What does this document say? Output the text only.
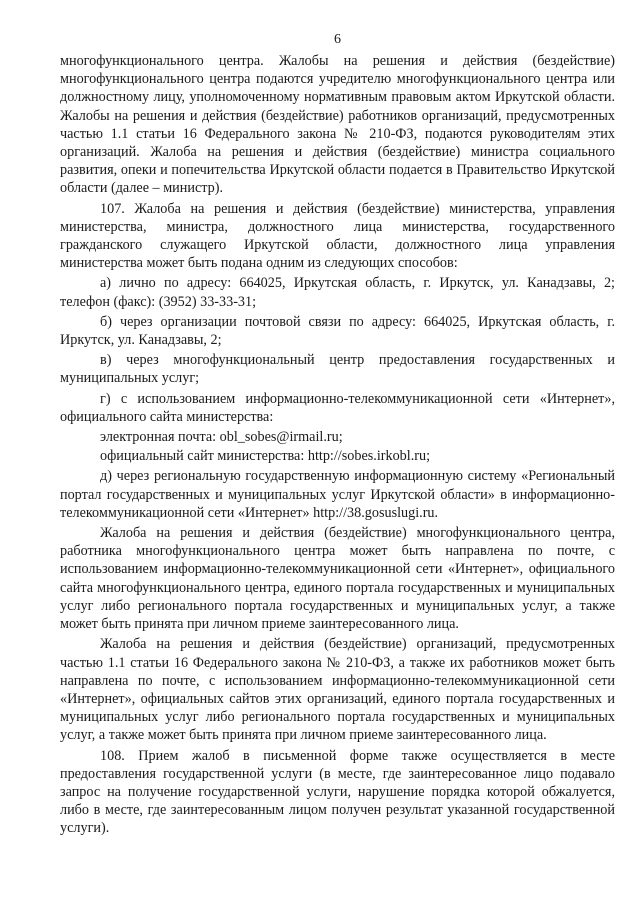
6

многофункционального центра. Жалобы на решения и действия (бездействие) многофункционального центра подаются учредителю многофункционального центра или должностному лицу, уполномоченному нормативным правовым актом Иркутской области. Жалобы на решения и действия (бездействие) работников организаций, предусмотренных частью 1.1 статьи 16 Федерального закона № 210-ФЗ, подаются руководителям этих организаций. Жалоба на решения и действия (бездействие) министра социального развития, опеки и попечительства Иркутской области подается в Правительство Иркутской области (далее – министр).

107. Жалоба на решения и действия (бездействие) министерства, управления министерства, министра, должностного лица министерства, государственного гражданского служащего Иркутской области, должностного лица управления министерства может быть подана одним из следующих способов:

а) лично по адресу: 664025, Иркутская область, г. Иркутск, ул. Канадзавы, 2; телефон (факс): (3952) 33-33-31;

б) через организации почтовой связи по адресу: 664025, Иркутская область, г. Иркутск, ул. Канадзавы, 2;

в) через многофункциональный центр предоставления государственных и муниципальных услуг;

г) с использованием информационно-телекоммуникационной сети «Интернет», официального сайта министерства:

электронная почта: obl_sobes@irmail.ru;

официальный сайт министерства: http://sobes.irkobl.ru;

д) через региональную государственную информационную систему «Региональный портал государственных и муниципальных услуг Иркутской области» в информационно-телекоммуникационной сети «Интернет» http://38.gosuslugi.ru.

Жалоба на решения и действия (бездействие) многофункционального центра, работника многофункционального центра может быть направлена по почте, с использованием информационно-телекоммуникационной сети «Интернет», официального сайта многофункционального центра, единого портала государственных и муниципальных услуг либо регионального портала государственных и муниципальных услуг, а также может быть принята при личном приеме заинтересованного лица.

Жалоба на решения и действия (бездействие) организаций, предусмотренных частью 1.1 статьи 16 Федерального закона № 210-ФЗ, а также их работников может быть направлена по почте, с использованием информационно-телекоммуникационной сети «Интернет», официальных сайтов этих организаций, единого портала государственных и муниципальных услуг либо регионального портала государственных и муниципальных услуг, а также может быть принята при личном приеме заинтересованного лица.

108. Прием жалоб в письменной форме также осуществляется в месте предоставления государственной услуги (в месте, где заинтересованное лицо подавало запрос на получение государственной услуги, нарушение порядка которой обжалуется, либо в месте, где заинтересованным лицом получен результат указанной государственной услуги).
